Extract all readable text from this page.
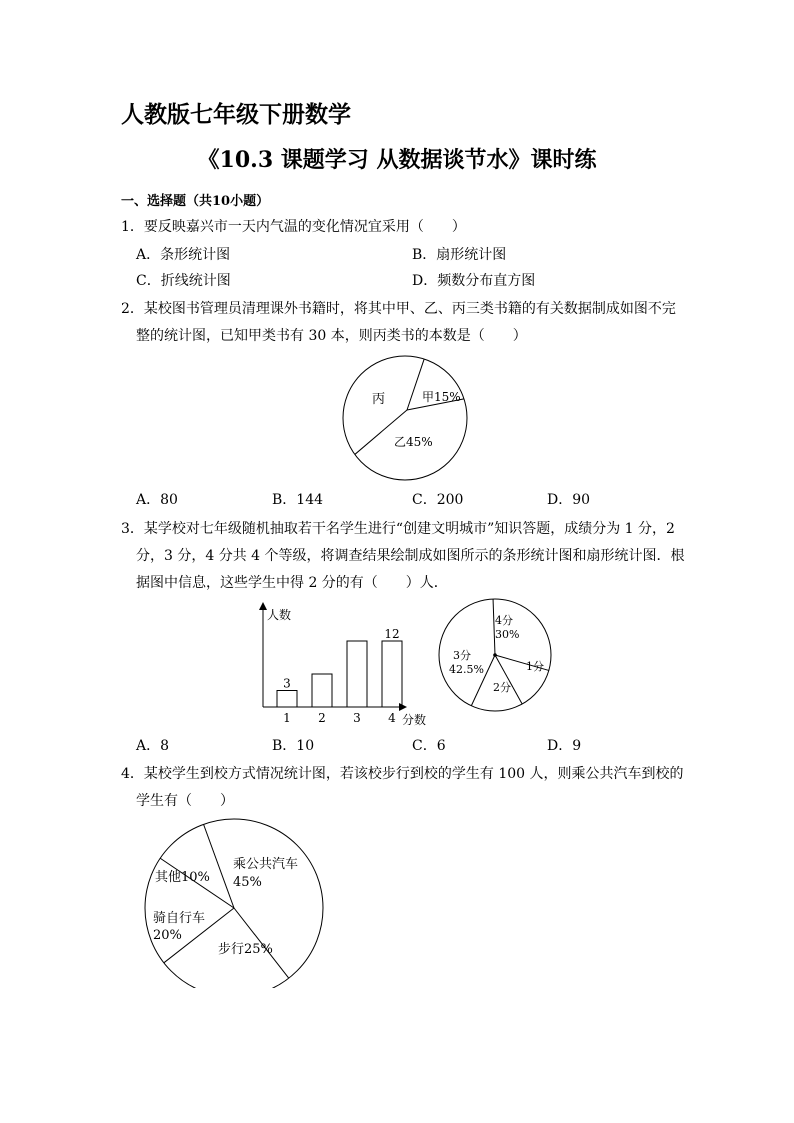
人教版七年级下册数学
《10.3 课题学习 从数据谈节水》课时练
一、选择题（共10小题）
1．要反映嘉兴市一天内气温的变化情况宜采用（　　）
A．条形统计图	B．扇形统计图
C．折线统计图	D．频数分布直方图
2．某校图书管理员清理课外书籍时，将其中甲、乙、丙三类书籍的有关数据制成如图不完
整的统计图，已知甲类书有 30 本，则丙类书的本数是（　　）
丙	甲15%
乙45%
A．80	B．144	C．200	D．90
3．某学校对七年级随机抽取若干名学生进行“创建文明城市”知识答题，成绩分为 1 分，2
分，3 分，4 分共 4 个等级，将调查结果绘制成如图所示的条形统计图和扇形统计图．根
据图中信息，这些学生中得 2 分的有（　　）人．
人数
分数
1
3
2 3 4
12
4分
30%
1分
2分
3分
42.5%
A．8	B．10	C．6	D．9
4．某校学生到校方式情况统计图，若该校步行到校的学生有 100 人，则乘公共汽车到校的
学生有（　　）
乘公共汽车
45%
步行25%
骑自行车
20%
其他10%
